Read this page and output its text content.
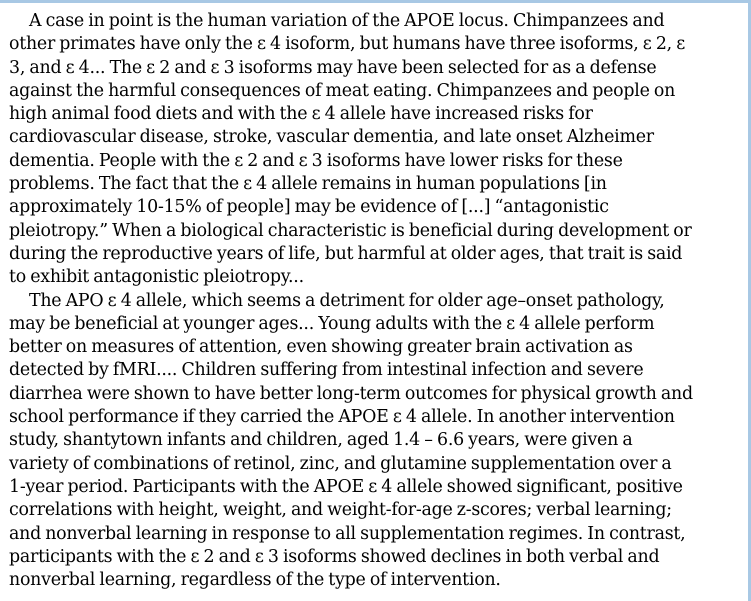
A case in point is the human variation of the APOE locus. Chimpanzees and
other primates have only the ε 4 isoform, but humans have three isoforms, ε 2, ε
3, and ε 4... The ε 2 and ε 3 isoforms may have been selected for as a defense
against the harmful consequences of meat eating. Chimpanzees and people on
high animal food diets and with the ε 4 allele have increased risks for
cardiovascular disease, stroke, vascular dementia, and late onset Alzheimer
dementia. People with the ε 2 and ε 3 isoforms have lower risks for these
problems. The fact that the ε 4 allele remains in human populations [in
approximately 10-15% of people] may be evidence of [...] “antagonistic
pleiotropy.” When a biological characteristic is beneficial during development or
during the reproductive years of life, but harmful at older ages, that trait is said
to exhibit antagonistic pleiotropy...
The APO ε 4 allele, which seems a detriment for older age–onset pathology,
may be beneficial at younger ages... Young adults with the ε 4 allele perform
better on measures of attention, even showing greater brain activation as
detected by fMRI.... Children suffering from intestinal infection and severe
diarrhea were shown to have better long-term outcomes for physical growth and
school performance if they carried the APOE ε 4 allele. In another intervention
study, shantytown infants and children, aged 1.4 – 6.6 years, were given a
variety of combinations of retinol, zinc, and glutamine supplementation over a
1-year period. Participants with the APOE ε 4 allele showed significant, positive
correlations with height, weight, and weight-for-age z-scores; verbal learning;
and nonverbal learning in response to all supplementation regimes. In contrast,
participants with the ε 2 and ε 3 isoforms showed declines in both verbal and
nonverbal learning, regardless of the type of intervention.
